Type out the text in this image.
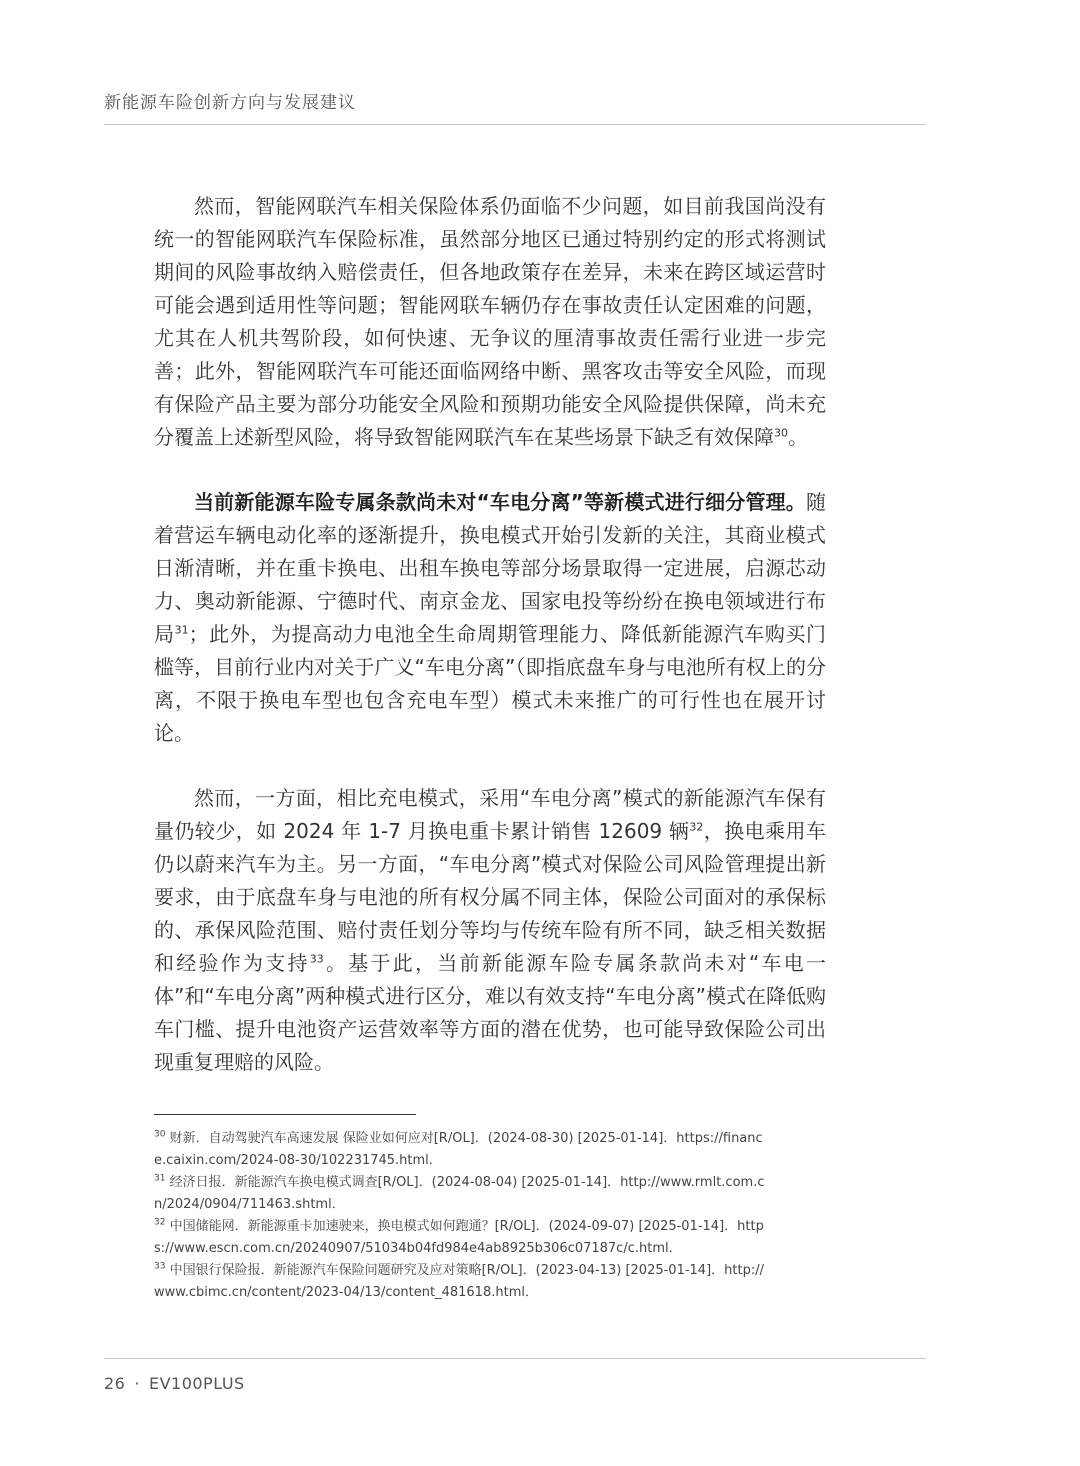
新能源车险创新方向与发展建议

然而，智能网联汽车相关保险体系仍面临不少问题，如目前我国尚没有统一的智能网联汽车保险标准，虽然部分地区已通过特别约定的形式将测试期间的风险事故纳入赔偿责任，但各地政策存在差异，未来在跨区域运营时可能会遇到适用性等问题；智能网联车辆仍存在事故责任认定困难的问题，尤其在人机共驾阶段，如何快速、无争议的厘清事故责任需行业进一步完善；此外，智能网联汽车可能还面临网络中断、黑客攻击等安全风险，而现有保险产品主要为部分功能安全风险和预期功能安全风险提供保障，尚未充分覆盖上述新型风险，将导致智能网联汽车在某些场景下缺乏有效保障$^{30}$。

当前新能源车险专属条款尚未对“车电分离”等新模式进行细分管理。随着营运车辆电动化率的逐渐提升，换电模式开始引发新的关注，其商业模式日渐清晰，并在重卡换电、出租车换电等部分场景取得一定进展，启源芯动力、奥动新能源、宁德时代、南京金龙、国家电投等纷纷在换电领域进行布局$^{31}$；此外，为提高动力电池全生命周期管理能力、降低新能源汽车购买门槛等，目前行业内对关于广义“车电分离”（即指底盘车身与电池所有权上的分离，不限于换电车型也包含充电车型）模式未来推广的可行性也在展开讨论。

然而，一方面，相比充电模式，采用“车电分离”模式的新能源汽车保有量仍较少，如 2024 年 1-7 月换电重卡累计销售 12609 辆$^{32}$，换电乘用车仍以蔚来汽车为主。另一方面，“车电分离”模式对保险公司风险管理提出新要求，由于底盘车身与电池的所有权分属不同主体，保险公司面对的承保标的、承保风险范围、赔付责任划分等均与传统车险有所不同，缺乏相关数据和经验作为支持$^{33}$。基于此，当前新能源车险专属条款尚未对“车电一体”和“车电分离”两种模式进行区分，难以有效支持“车电分离”模式在降低购车门槛、提升电池资产运营效率等方面的潜在优势，也可能导致保险公司出现重复理赔的风险。

$^{30}$ 财新．自动驾驶汽车高速发展 保险业如何应对[R/OL]．(2024-08-30) [2025-01-14]．https://finance.caixin.com/2024-08-30/102231745.html．

$^{31}$ 经济日报．新能源汽车换电模式调查[R/OL]．(2024-08-04) [2025-01-14]．http://www.rmlt.com.cn/2024/0904/711463.shtml．

$^{32}$ 中国储能网．新能源重卡加速驶来，换电模式如何跑通？[R/OL]．(2024-09-07) [2025-01-14]．https://www.escn.com.cn/20240907/51034b04fd984e4ab8925b306c07187c/c.html．

$^{33}$ 中国银行保险报．新能源汽车保险问题研究及应对策略[R/OL]．(2023-04-13) [2025-01-14]．http://www.cbimc.cn/content/2023-04/13/content_481618.html．

26 · EV100PLUS
